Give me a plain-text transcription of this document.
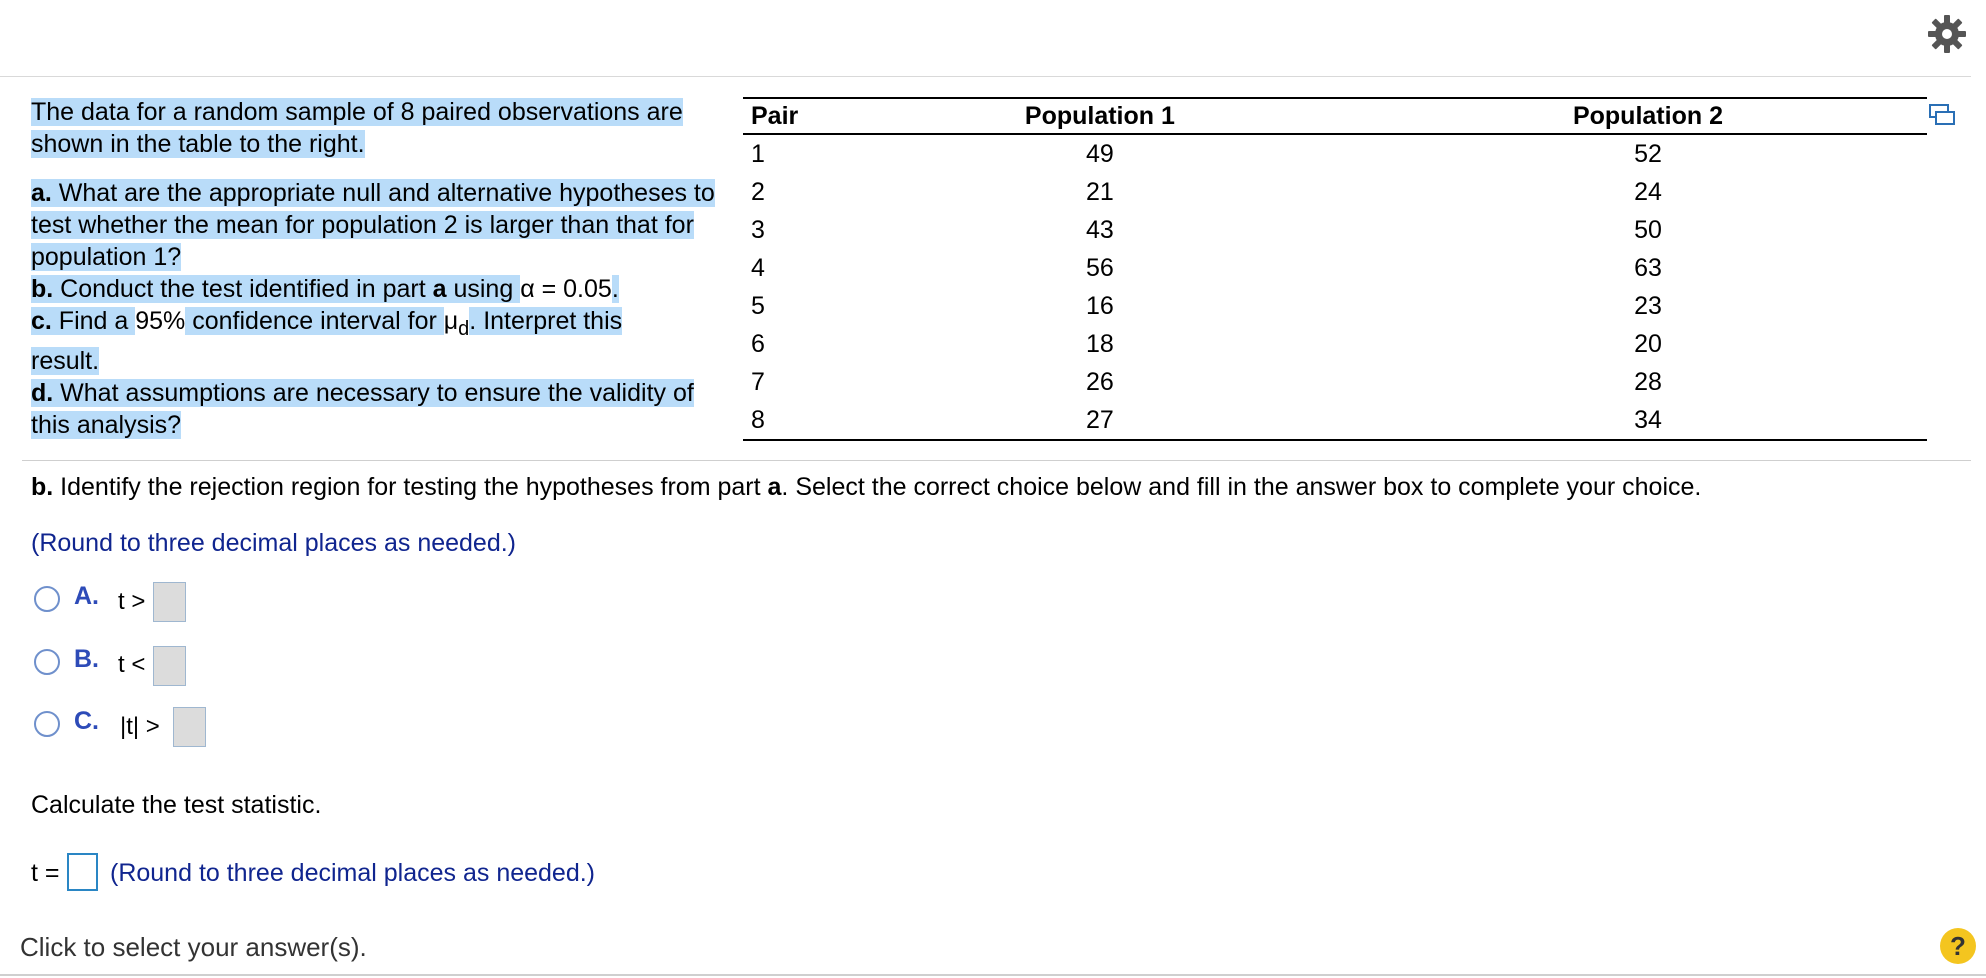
The data for a random sample of 8 paired observations are shown in the table to the right.

a. What are the appropriate null and alternative hypotheses to test whether the mean for population 2 is larger than that for population 1?

b. Conduct the test identified in part a using α = 0.05.

c. Find a 95% confidence interval for $\mu_d$. Interpret this

result.

d. What assumptions are necessary to ensure the validity of this analysis?

Pair	Population 1	Population 2
1	49	52
2	21	24
3	43	50
4	56	63
5	16	23
6	18	20
7	26	28
8	27	34
b. Identify the rejection region for testing the hypotheses from part a. Select the correct choice below and fill in the answer box to complete your choice.
(Round to three decimal places as needed.)
A. t >
B. t <
C. |t| >
Calculate the test statistic.
t = (Round to three decimal places as needed.)
Click to select your answer(s).	?
